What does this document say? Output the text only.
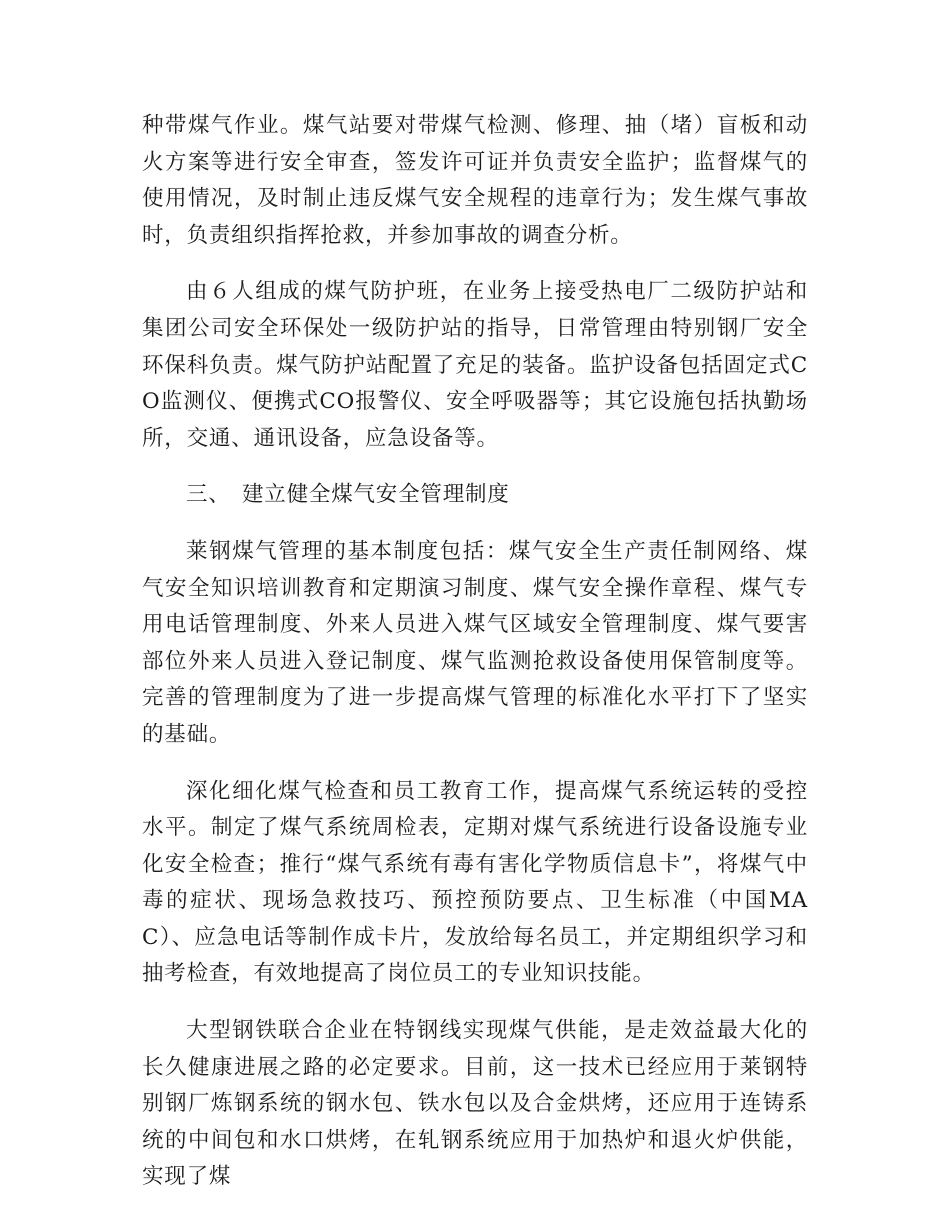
种带煤气作业。煤气站要对带煤气检测、修理、抽（堵）盲板和动火方案等进行安全审查，签发许可证并负责安全监护；监督煤气的使用情况，及时制止违反煤气安全规程的违章行为；发生煤气事故时，负责组织指挥抢救，并参加事故的调查分析。

由６人组成的煤气防护班，在业务上接受热电厂二级防护站和集团公司安全环保处一级防护站的指导，日常管理由特别钢厂安全环保科负责。煤气防护站配置了充足的装备。监护设备包括固定式CO监测仪、便携式CO报警仪、安全呼吸器等；其它设施包括执勤场所，交通、通讯设备，应急设备等。

三、 建立健全煤气安全管理制度

莱钢煤气管理的基本制度包括：煤气安全生产责任制网络、煤气安全知识培训教育和定期演习制度、煤气安全操作章程、煤气专用电话管理制度、外来人员进入煤气区域安全管理制度、煤气要害部位外来人员进入登记制度、煤气监测抢救设备使用保管制度等。完善的管理制度为了进一步提高煤气管理的标准化水平打下了坚实的基础。

深化细化煤气检查和员工教育工作，提高煤气系统运转的受控水平。制定了煤气系统周检表，定期对煤气系统进行设备设施专业化安全检查；推行“煤气系统有毒有害化学物质信息卡”，将煤气中毒的症状、现场急救技巧、预控预防要点、卫生标准（中国MAC）、应急电话等制作成卡片，发放给每名员工，并定期组织学习和抽考检查，有效地提高了岗位员工的专业知识技能。

大型钢铁联合企业在特钢线实现煤气供能，是走效益最大化的长久健康进展之路的必定要求。目前，这一技术已经应用于莱钢特别钢厂炼钢系统的钢水包、铁水包以及合金烘烤，还应用于连铸系统的中间包和水口烘烤，在轧钢系统应用于加热炉和退火炉供能，实现了煤
